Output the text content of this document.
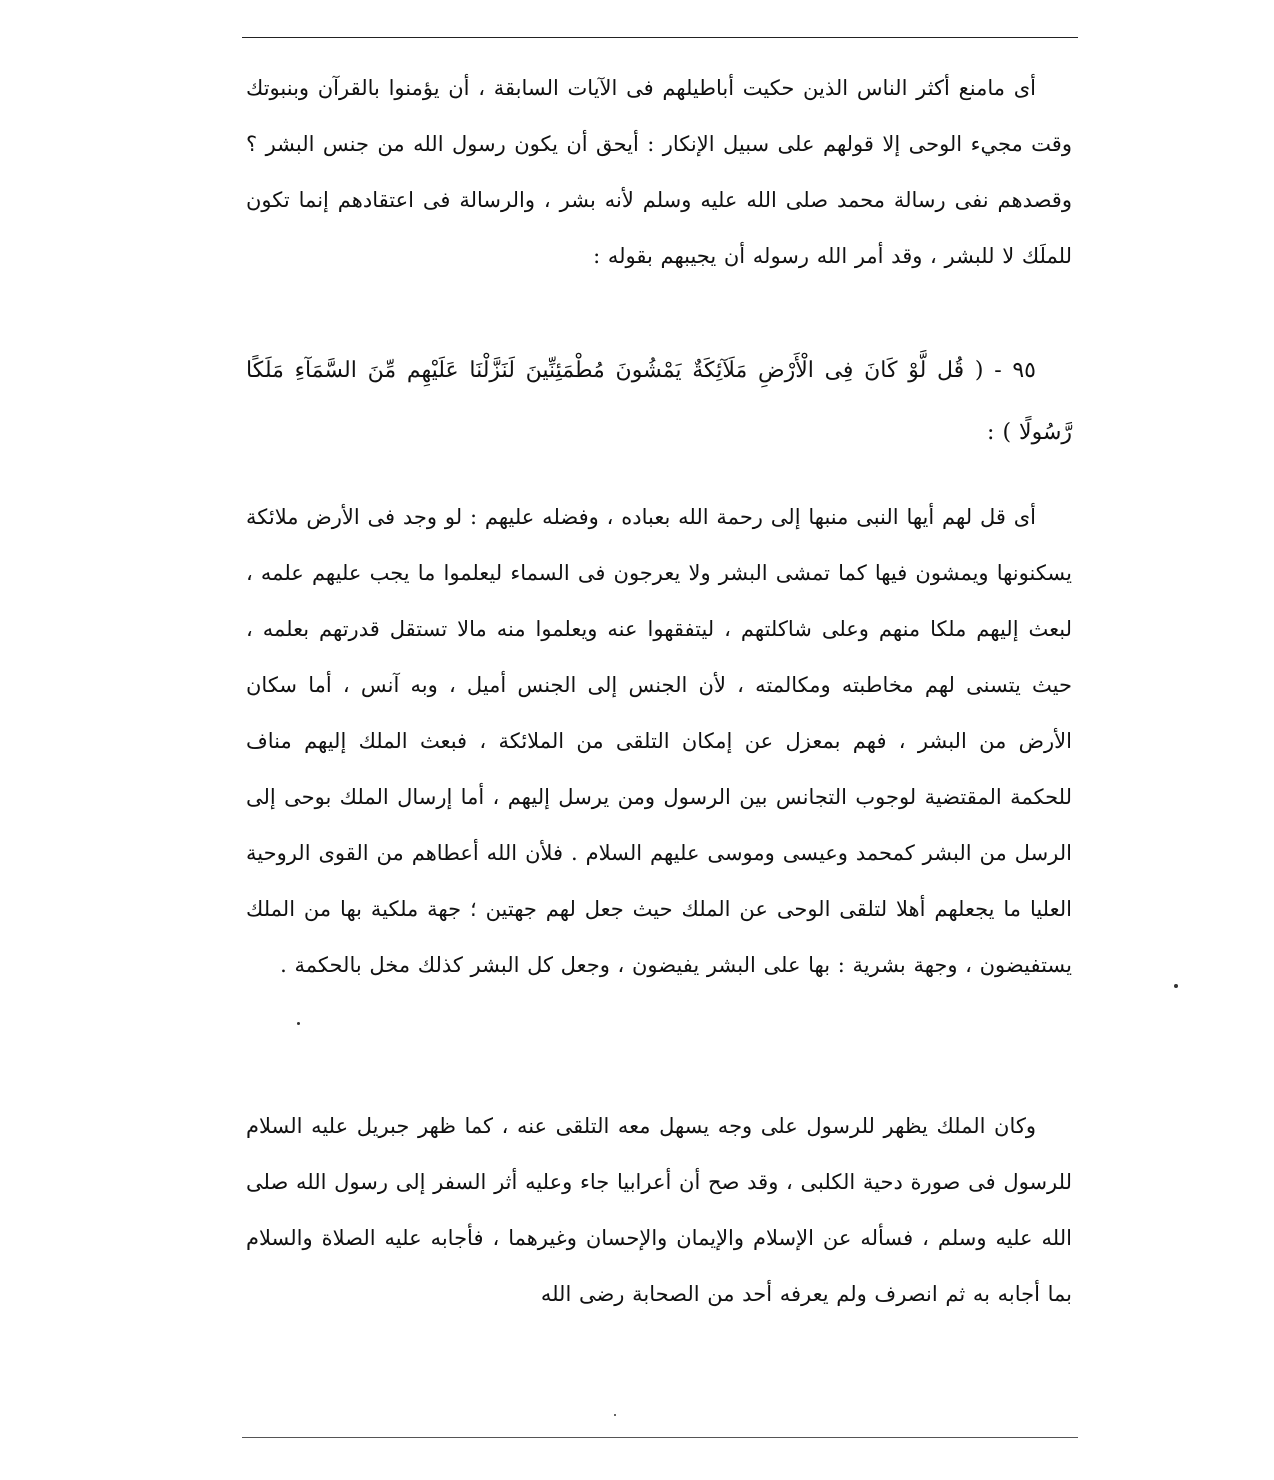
أى مامنع أكثر الناس الذين حكيت أباطيلهم فى الآيات السابقة ، أن يؤمنوا بالقرآن وبنبوتك وقت مجيء الوحى إلا قولهم على سبيل الإنكار : أيحق أن يكون رسول الله من جنس البشر ؟ وقصدهم نفى رسالة محمد صلى الله عليه وسلم لأنه بشر ، والرسالة فى اعتقادهم إنما تكون للملَك لا للبشر ، وقد أمر الله رسوله أن يجيبهم بقوله :

٩٥ - ( قُل لَّوْ كَانَ فِى الْأَرْضِ مَلَآئِكَةٌ يَمْشُونَ مُطْمَئِنِّينَ لَنَزَّلْنَا عَلَيْهِم مِّنَ السَّمَآءِ مَلَكًا رَّسُولًا ) :

أى قل لهم أيها النبى منبها إلى رحمة الله بعباده ، وفضله عليهم : لو وجد فى الأرض ملائكة يسكنونها ويمشون فيها كما تمشى البشر ولا يعرجون فى السماء ليعلموا ما يجب عليهم علمه ، لبعث إليهم ملكا منهم وعلى شاكلتهم ، ليتفقهوا عنه ويعلموا منه مالا تستقل قدرتهم بعلمه ، حيث يتسنى لهم مخاطبته ومكالمته ، لأن الجنس إلى الجنس أميل ، وبه آنس ، أما سكان الأرض من البشر ، فهم بمعزل عن إمكان التلقى من الملائكة ، فبعث الملك إليهم مناف للحكمة المقتضية لوجوب التجانس بين الرسول ومن يرسل إليهم ، أما إرسال الملك بوحى إلى الرسل من البشر كمحمد وعيسى وموسى عليهم السلام . فلأن الله أعطاهم من القوى الروحية العليا ما يجعلهم أهلا لتلقى الوحى عن الملك حيث جعل لهم جهتين ؛ جهة ملكية بها من الملك يستفيضون ، وجهة بشرية : بها على البشر يفيضون ، وجعل كل البشر كذلك مخل بالحكمة .

وكان الملك يظهر للرسول على وجه يسهل معه التلقى عنه ، كما ظهر جبريل عليه السلام للرسول فى صورة دحية الكلبى ، وقد صح أن أعرابيا جاء وعليه أثر السفر إلى رسول الله صلى الله عليه وسلم ، فسأله عن الإسلام والإيمان والإحسان وغيرهما ، فأجابه عليه الصلاة والسلام بما أجابه به ثم انصرف ولم يعرفه أحد من الصحابة رضى الله
